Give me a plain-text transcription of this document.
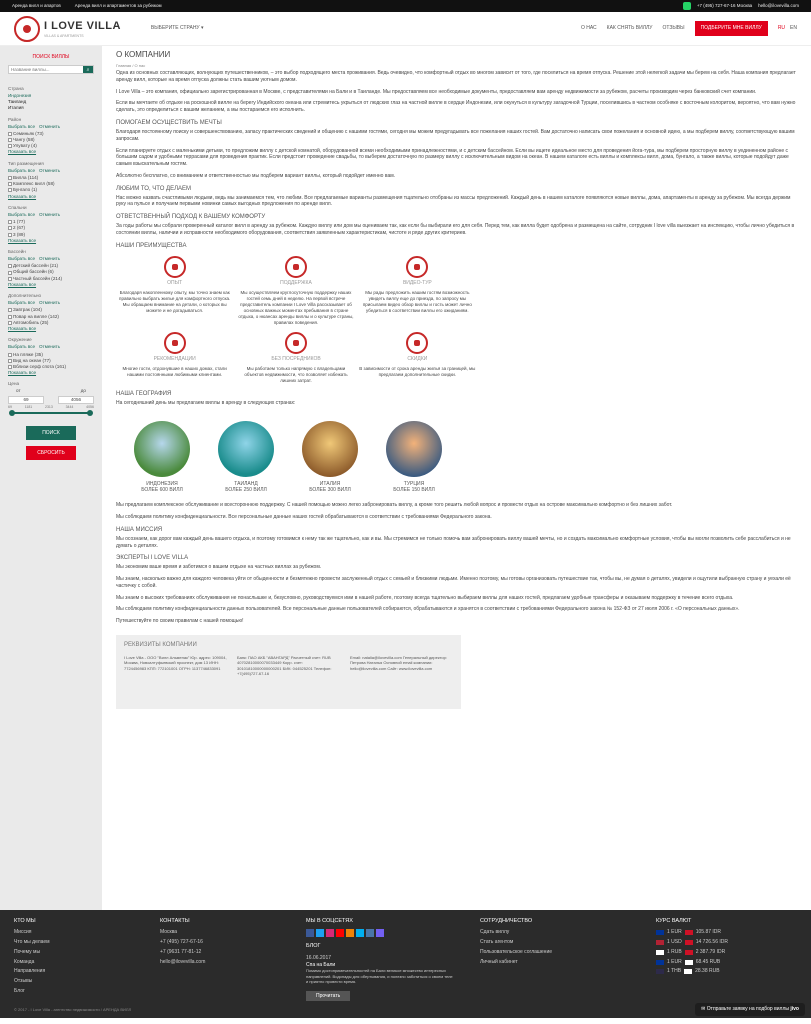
Аренда вилл и апартов	Аренда вилл и апартаментов за рубежом	+7 (495) 727-67-16 Москва hello@ilovevilla.com
I LOVE VILLA
VILLAS & APARTMENTS
ВЫБЕРИТЕ СТРАНУ ▾	О НАС КАК СНЯТЬ ВИЛЛУ ОТЗЫВЫ	ПОДБЕРИТЕ МНЕ ВИЛЛУ	RU EN
ПОИСК ВИЛЛЫ
Название виллы...
⌕
Страна
Индонезия
Таиланд
Италия
Район
Выбрать все Отменить
Семиньяк (73)
Чангу (58)
Улувату (4)
Показать все
Тип размещения
Выбрать все Отменить
Вилла (114)
Комплекс вилл (58)
Бунгало (1)
Показать все
Спальни
Выбрать все Отменить
1 (77)
2 (67)
3 (89)
Показать все
Бассейн
Выбрать все Отменить
Детский бассейн (21)
Общий бассейн (6)
Частный бассейн (214)
Показать все
Дополнительно
Выбрать все Отменить
Завтрак (104)
Повар на вилле (142)
Автомобиль (25)
Показать все
Окружение
Выбрать все Отменить
На пляже (35)
Вид на океан (77)
Вблизи серф спота (161)
Показать все
Цена
от	до
69	4056
69	1181	2313	3444	4056
ПОИСК
СБРОСИТЬ
О КОМПАНИИ
Главная / О нас

Одна из основных составляющих, волнующих путешественников, – это выбор подходящего места проживания. Ведь очевидно, что комфортный отдых во многом зависит от того, где поселиться на время отпуска. Решение этой нелегкой задачи мы берем на себя. Наша компания предлагает аренду вилл, которые на время отпуска должны стать вашим уютным домом.

I Love Villa – это компания, официально зарегистрированная в Москве, с представителями на Бали и в Таиланде. Мы предоставляем все необходимые документы, предоставляем вам аренду недвижимости за рубежом, расчеты производим через банковский счет компании.

Если вы мечтаете об отдыхе на роскошной вилле на берегу Индийского океана или стремитесь укрыться от людских глаз на частной вилле в сердце Индонезии, или окунуться в культуру загадочной Турции, поселившись в частном особняке с восточным колоритом, вероятно, что вам нужно сделать, это определиться с вашим желанием, а мы постараемся его исполнить.

ПОМОГАЕМ ОСУЩЕСТВИТЬ МЕЧТЫ

Благодаря постоянному поиску и совершенствованию, запасу практических сведений и общению с нашими гостями, сегодня мы можем предугадывать все пожелания наших гостей. Вам достаточно написать свои пожелания и основной идею, а мы подберем виллу, соответствующую вашим запросам.

Если планируете отдых с маленькими детьми, то предложим виллу с детской комнатой, оборудованной всеми необходимыми принадлежностями, и с детским бассейном. Если вы ищете идеальное место для проведения йога-тура, мы подберем просторную виллу в уединенном районе с большим садом и удобными террасами для проведения практик. Если предстоит проведение свадьбы, то выберем достаточную по размеру виллу с исключительным видом на океан. В нашем каталоге есть виллы и комплексы вилл, дома, бунгало, а также виллы, которые подойдут даже самым взыскательным гостям.

Абсолютно бесплатно, со вниманием и ответственностью мы подберем вариант виллы, который подойдет именно вам.

ЛЮБИМ ТО, ЧТО ДЕЛАЕМ

Нас можно назвать счастливыми людьми, ведь мы занимаемся тем, что любим. Все предлагаемые варианты размещения тщательно отобраны из массы предложений. Каждый день в нашем каталоге появляются новые виллы, дома, апартаменты в аренду за рубежом. Мы всегда держим руку на пульсе и получаем первыми новинки самых выгодных предложения по аренде вилл.

ОТВЕТСТВЕННЫЙ ПОДХОД К ВАШЕМУ КОМФОРТУ

За годы работы мы собрали проверенный каталог вилл в аренду за рубежом. Каждую виллу или дом мы оцениваем так, как если бы выбирали его для себя. Перед тем, как вилла будет одобрена и размещена на сайте, сотрудник I love villa выезжает на инспекцию, чтобы лично убедиться в состоянии виллы, наличии и исправности необходимого оборудования, соответствия заявленным характеристикам, чистоте и ряде других критериев.

НАШИ ПРЕИМУЩЕСТВА
ОПЫТ
Благодаря накопленному опыту, мы точно знаем как правильно выбрать жилье для комфортного отпуска. Мы обращаем внимание на детали, о которых вы можете и не догадываться.
ПОДДЕРЖКА
Мы осуществляем круглосуточную поддержку наших гостей семь дней в неделю. На первой встрече представитель компании I Love Villa рассказывает об основных важных моментах пребывания в стране отдыха, о нюансах аренды виллы и о культуре страны, правилах поведения.
ВИДЕО-ТУР
Мы рады предложить нашим гостям возможность увидеть виллу еще до приезда, по запросу мы присылаем видео обзор виллы и гость может лично убедиться в соответствии виллы его ожиданиям.
РЕКОМЕНДАЦИИ
Многие гости, отдохнувшие в наших домах, стали нашими постоянными любимыми клиентами.
БЕЗ ПОСРЕДНИКОВ
Мы работаем только напрямую с владельцами объектов недвижимости, что позволяет избежать лишних затрат.
СКИДКИ
В зависимости от срока аренды жилья за границей, мы предлагаем дополнительные скидки.
НАША ГЕОГРАФИЯ

На сегодняшний день мы предлагаем виллы в аренду в следующих странах:

ИНДОНЕЗИЯ
БОЛЕЕ 600 ВИЛЛ
ТАИЛАНД
БОЛЕЕ 250 ВИЛЛ
ИТАЛИЯ
БОЛЕЕ 300 ВИЛЛ
ТУРЦИЯ
БОЛЕЕ 150 ВИЛЛ

Мы предлагаем комплексное обслуживание и всестороннюю поддержку. С нашей помощью можно легко забронировать виллу, а кроме того решить любой вопрос и провести отдых на острове максимально комфортно и без лишних забот.

Мы соблюдаем политику конфиденциальности. Все персональные данные наших гостей обрабатываются в соответствии с требованиями Федерального закона.

НАША МИССИЯ

Мы осознаем, как дорог вам каждый день вашего отдыха, и поэтому готовимся к нему так же тщательно, как и вы. Мы стремимся не только помочь вам забронировать виллу вашей мечты, но и создать максимально комфортные условия, чтобы вы могли позволить себе расслабиться и не думать о деталях.

ЭКСПЕРТЫ I LOVE VILLA

Мы экономим ваше время и заботимся о вашем отдыхе на частных виллах за рубежом.

Мы знаем, насколько важно для каждого человека уйти от обыденности и безмятежно провести заслуженный отдых с семьей и близкими людьми. Именно поэтому, мы готовы организовать путешествие так, чтобы вы, не думая о деталях, увидели и ощутили выбранную страну и уехали её частичку с собой.

Мы знаем о высоких требованиях обслуживания не понаслышке и, безусловно, руководствуемся ими в нашей работе, поэтому всегда тщательно выбираем виллы для наших гостей, предлагаем удобные трансферы и оказываем поддержку в течение всего отдыха.

Мы соблюдаем политику конфиденциальности данных пользователей. Все персональные данные пользователей собираются, обрабатываются и хранятся в соответствии с требованиями Федерального закона № 152-ФЗ от 27 июля 2006 г. «О персональных данных».

Путешествуйте по своим правилам с нашей помощью!

РЕКВИЗИТЫ КОМПАНИИ
I Love Villa - ООО "Вилл Альменак" Юр. адрес: 109004, Москва, Новоалтуфьевский проспект, дом 13 ИНН: 7724456983 КПП: 772101001 ОГРН: 1137746833091
Банк: ПАО АКБ "АВАНГАРД" Расчетный счет: RUB 40702810000070033449 Корр. счет: 30101810000000000201 БИК: 044525201 Телефон: +7(495)727-67-16
Email: natalia@ilovevilla.com Генеральный директор: Петрова Наталья Основной email компании: hello@ilovevilla.com Сайт: www.ilovevilla.com
КТО МЫ
Миссия
Что мы делаем
Почему мы
Команда
Направления
Отзывы
Блог
КОНТАКТЫ
Москва
+7 (495) 727-67-16
+7 (9631 77-81-12
hello@ilovevilla.com
МЫ В СОЦСЕТЯХ
БЛОГ
16.06.2017
Спа на Бали
Помимо достопримечательностей на Бали великое множество интересных направлений. Водопады для обертывания, и полезно заботиться о своем теле и приятно провести время.
Прочитать
СОТРУДНИЧЕСТВО
Сдать виллу
Стать агентом
Пользовательское соглашение
Личный кабинет
КУРС ВАЛЮТ
1 EUR	105.87 IDR
1 USD	14 726.56 IDR
1 RUB	2 387.79 IDR
1 EUR	68.45 RUB
1 THB	28.38 RUB
© 2017 - I Love Villa - агентство недвижимости / АРЕНДА ВИЛЛ	✉ Отправьте заявку на подбор виллы jivo
